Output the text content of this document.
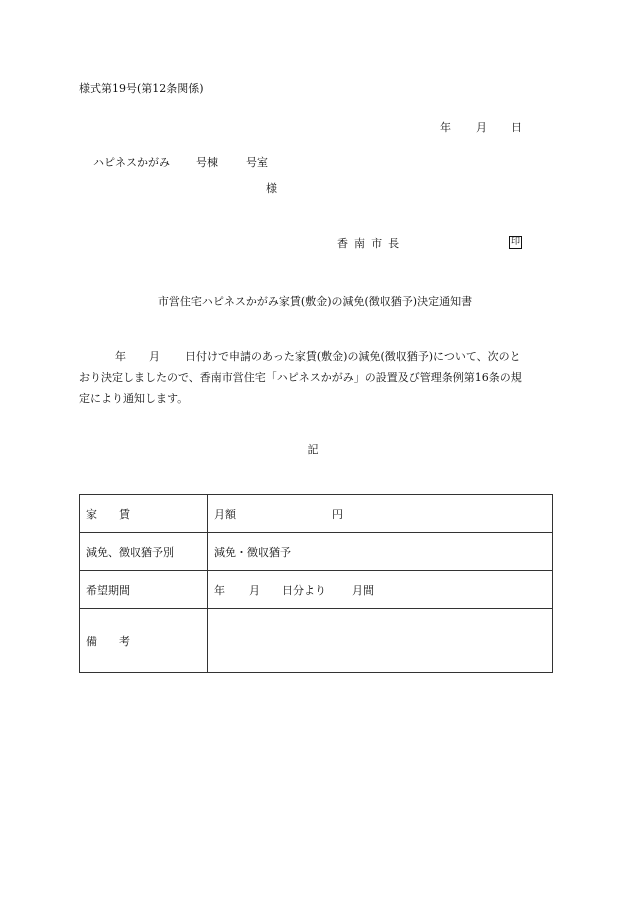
様式第19号(第12条関係)
年 月 日
ハピネスかがみ 号棟	号室
様
香南市長	印
市営住宅ハピネスかがみ家賃(敷金)の減免(徴収猶予)決定通知書
年 月 日付けで申請のあった家賃(敷金)の減免(徴収猶予)について、次のと
おり決定しましたので、香南市営住宅「ハピネスかがみ」の設置及び管理条例第16条の規
定により通知します。
記
家　　賃	月額 円
減免、徴収猶予別	減免・徴収猶予
希望期間	年 月 日分より 月間
備　　考	
